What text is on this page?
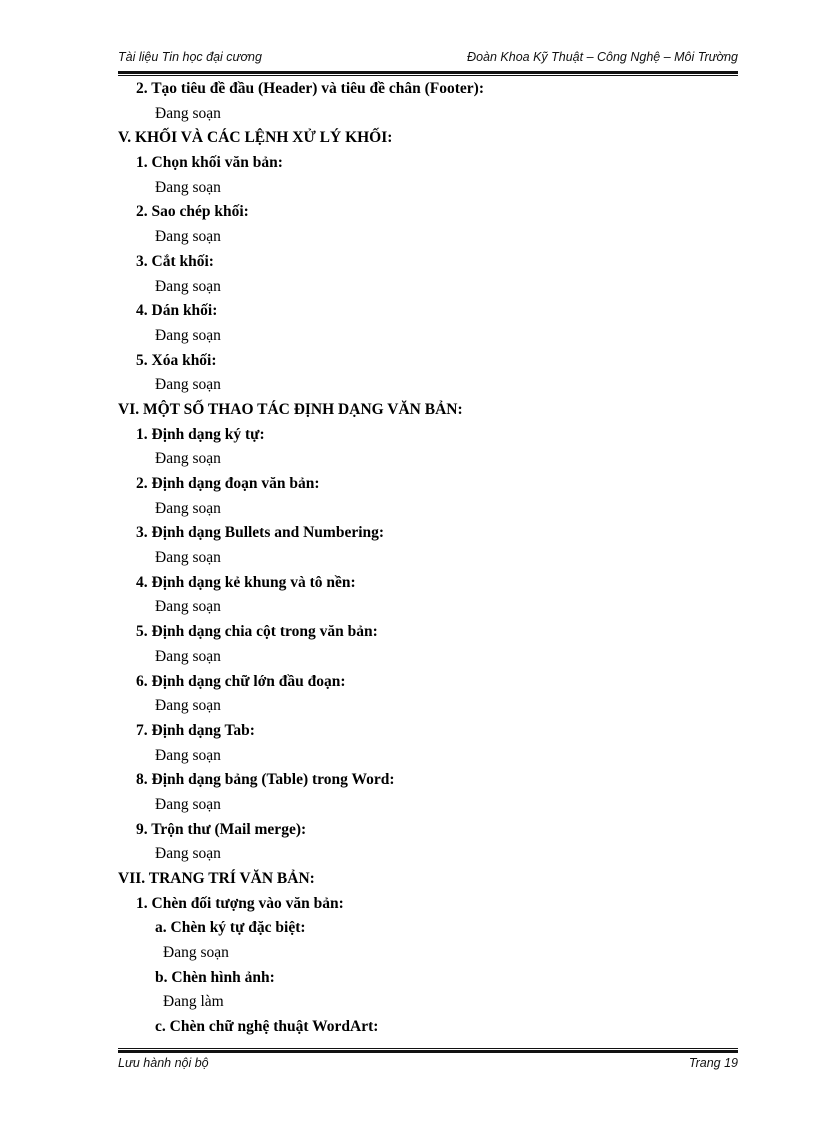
Tài liệu Tin học đại cương	Đoàn Khoa Kỹ Thuật – Công Nghệ – Môi Trường
2. Tạo tiêu đề đầu (Header) và tiêu đề chân (Footer):
Đang soạn
V. KHỐI VÀ CÁC LỆNH XỬ LÝ KHỐI:
1. Chọn khối văn bản:
Đang soạn
2. Sao chép khối:
Đang soạn
3. Cắt khối:
Đang soạn
4. Dán khối:
Đang soạn
5. Xóa khối:
Đang soạn
VI. MỘT SỐ THAO TÁC ĐỊNH DẠNG VĂN BẢN:
1. Định dạng ký tự:
Đang soạn
2. Định dạng đoạn văn bản:
Đang soạn
3. Định dạng Bullets and Numbering:
Đang soạn
4. Định dạng kẻ khung và tô nền:
Đang soạn
5. Định dạng chia cột trong văn bản:
Đang soạn
6. Định dạng chữ lớn đầu đoạn:
Đang soạn
7. Định dạng Tab:
Đang soạn
8. Định dạng bảng (Table) trong Word:
Đang soạn
9. Trộn thư (Mail merge):
Đang soạn
VII. TRANG TRÍ VĂN BẢN:
1. Chèn đối tượng vào văn bản:
a. Chèn ký tự đặc biệt:
Đang soạn
b. Chèn hình ảnh:
Đang làm
c. Chèn chữ nghệ thuật WordArt:
Lưu hành nội bộ	Trang 19
